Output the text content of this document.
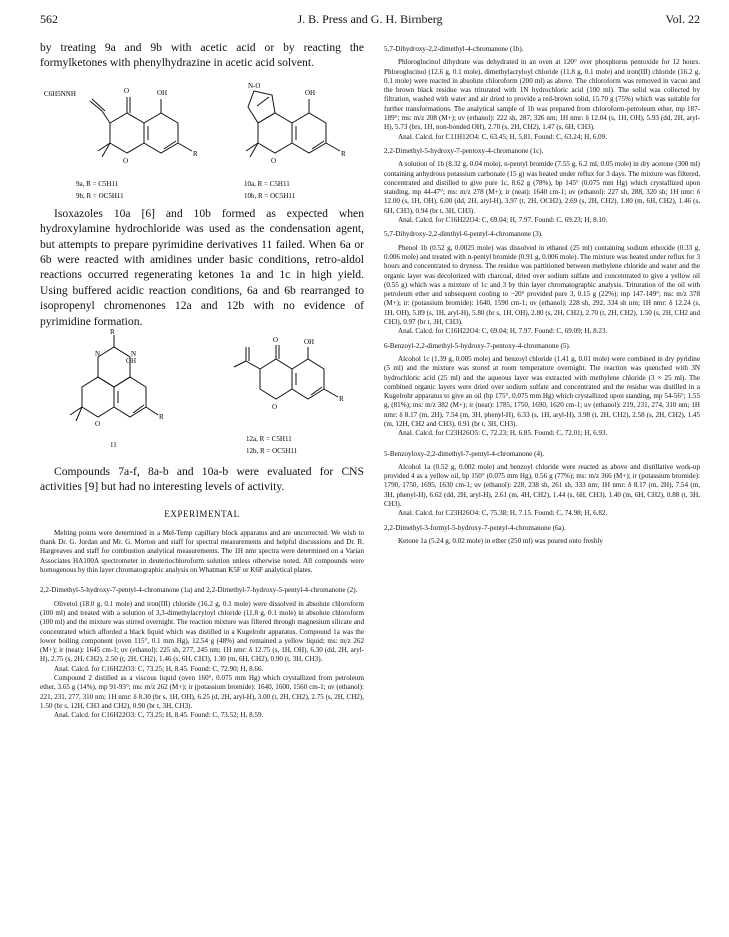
562	J. B. Press and G. H. Birnberg	Vol. 22

by treating 9a and 9b with acetic acid or by reacting the formylketones with phenylhydrazine in acetic acid solvent.

C6H5NNH	O	OH
O
R
N-O
OH
O
R
9a, R = C5H11
9b, R = OC5H11
10a, R = C5H11
10b, R = OC5H11

Isoxazoles 10a [6] and 10b formed as expected when hydroxylamine hydrochloride was used as the condensation agent, but attempts to prepare pyrimidine derivatives 11 failed. When 6a or 6b were reacted with amidines under basic conditions, retro-aldol reactions occurred regenerating ketones 1a and 1c in high yield. Using buffered acidic reaction conditions, 6a and 6b rearranged to isopropenyl chromenones 12a and 12b with no evidence of pyrimidine formation.

R
N	N
OH
O
R
11
O	OH
O
R
12a, R = C5H11
12b, R = OC5H11

Compounds 7a-f, 8a-b and 10a-b were evaluated for CNS activities [9] but had no interesting levels of activity.

EXPERIMENTAL

Melting points were determined in a Mel-Temp capillary block apparatus and are uncorrected. We wish to thank Dr. G. Jordan and Mr. G. Morton and staff for spectral measurements and helpful discussions and Dr. R. Hargreaves and staff for combustion analytical measurements. The 1H nmr spectra were determined on a Varian Associates HA100A spectrometer in deuteriochloroform solution unless otherwise noted. All compounds were homogenous by thin layer chromatographic analysis on Whatman K5F or K6F analytical plates.

2,2-Dimethyl-5-hydroxy-7-pentyl-4-chromanone (1a) and 2,2-Dimethyl-7-hydroxy-5-pentyl-4-chromanone (2).

Olivetol (18.0 g, 0.1 mole) and iron(III) chloride (16.2 g, 0.1 mole) were dissolved in absolute chloroform (100 ml) and treated with a solution of 3,3-dimethylacryloyl chloride (11.8 g, 0.1 mole) in absolute chloroform (100 ml) and the mixture was stirred overnight. The reaction mixture was filtered through magnesium silicate and concentrated which afforded a black liquid which was distilled in a Kugelrohr apparatus. Compound 1a was the lower boiling component (oven 115°, 0.1 mm Hg), 12.54 g (48%) and remained a yellow liquid; ms: m/z 262 (M+); ir (neat): 1645 cm-1; uv (ethanol): 225 sh, 277, 245 nm; 1H nmr: δ 12.75 (s, 1H, OH), 6.30 (dd, 2H, aryl-H), 2.75 (s, 2H, CH2), 2.50 (t, 2H, CH2), 1.46 (s, 6H, CH3), 1.30 (m, 6H, CH2), 0.90 (t, 3H, CH3).

Anal. Calcd. for C16H22O3: C, 73.25; H, 8.45. Found: C, 72.90; H, 8.66.

Compound 2 distilled as a viscous liquid (oven 160°, 0.075 mm Hg) which crystallized from petroleum ether, 3.65 g (14%), mp 91-93°; ms: m/z 262 (M+); ir (potassium bromide): 1640, 1600, 1560 cm-1; uv (ethanol): 221, 231, 277, 310 nm; 1H nmr: δ 8.30 (br s, 1H, OH), 6.25 (d, 2H, aryl-H), 3.00 (t, 2H, CH2), 2.75 (s, 2H, CH2), 1.50 (br s, 12H, CH3 and CH2), 0.90 (br t, 3H, CH3).

Anal. Calcd. for C16H22O3: C, 73.25; H, 8.45. Found: C, 73.52; H, 8.59.

5,7-Dihydroxy-2,2-dimethyl-4-chromanone (1b).

Phloroglucinol dihydrate was dehydrated in an oven at 120° over phosphorus pentoxide for 12 hours. Phloroglucinol (12.6 g, 0.1 mole), dimethylacryloyl chloride (11.8 g, 0.1 mole) and iron(III) chloride (16.2 g, 0.1 mole) were reacted in absolute chloroform (200 ml) as above. The chloroform was removed in vacuo and the brown black residue was triturated with 1N hydrochloric acid (100 ml). The solid was collected by filtration, washed with water and air dried to provide a red-brown solid, 15.70 g (75%) which was suitable for further transformations. The analytical sample of 1b was prepared from chloroform-petroleum ether, mp 187-189°; ms: m/z 208 (M+); uv (ethanol): 222 sh, 287, 326 nm; 1H nmr: δ 12.04 (s, 1H, OH), 5.93 (dd, 2H, aryl-H), 5.73 (brs, 1H, non-bonded OH), 2.70 (s, 2H, CH2), 1.47 (s, 6H, CH3).

Anal. Calcd. for C11H12O4: C, 63.45; H, 5.81. Found: C, 63.24; H, 6.09.

2,2-Dimethyl-5-hydroxy-7-pentoxy-4-chromanone (1c).

A solution of 1b (8.32 g, 0.04 mole), n-pentyl bromide (7.55 g, 6.2 ml, 0.05 mole) in dry acetone (300 ml) containing anhydrous potassium carbonate (15 g) was heated under reflux for 3 days. The mixture was filtered, concentrated and distilled to give pure 1c, 8.62 g (78%), bp 145° (0.075 mm Hg) which crystallized upon standing, mp 44-47°; ms: m/z 278 (M+); ir (neat): 1640 cm-1; uv (ethanol): 227 sh, 288, 320 sh; 1H nmr: δ 12.00 (s, 1H, OH), 6.00 (dd, 2H, aryl-H), 3.97 (t, 2H, OCH2), 2.69 (s, 2H, CH2), 1.80 (m, 6H, CH2), 1.46 (s, 6H, CH3), 0.94 (br t, 3H, CH3).

Anal. Calcd. for C16H22O4: C, 69.04; H, 7.97. Found: C, 69.23; H, 8.10.

5,7-Dihydroxy-2,2-dimthyl-6-pentyl-4-chromanone (3).

Phenol 1b (0.52 g, 0.0025 mole) was dissolved in ethanol (25 ml) containing sodium ethoxide (0.33 g, 0.006 mole) and treated with n-pentyl bromide (0.91 g, 0.006 mole). The mixture was heated under reflux for 3 hours and concentrated to dryness. The residue was partitioned between methylene chloride and water and the organic layer was decolorized with charcoal, dried over sodium sulfate and concentrated to give a yellow oil (0.55 g) which was a mixture of 1c and 3 by thin layer chromatographic analysis. Trituration of the oil with petroleum ether and subsequent cooling to −20° provided pure 3, 0.15 g (22%); mp 147-149°; ms: m/z 378 (M+); ir: (potassium bromide): 1640, 1590 cm-1; uv (ethanol): 228 sh, 292, 334 sh nm; 1H nmr: δ 12.24 (s, 1H, OH), 5.89 (s, 1H, aryl-H), 5.80 (br s, 1H, OH), 2.80 (s, 2H, CH2), 2.70 (t, 2H, CH2), 1.50 (s, 2H, CH2 and CH3), 0.97 (br t, 3H, CH3).

Anal. Calcd. for C16H22O4: C, 69.04; H, 7.97. Found: C, 69.09; H, 8.23.

6-Benzoyl-2,2-dimethyl-5-hydroxy-7-pentoxy-4-chromanone (5).

Alcohol 1c (1.39 g, 0.005 mole) and benzoyl chloride (1.41 g, 0.01 mole) were combined in dry pyridine (5 ml) and the mixture was stored at room temperature overnight. The reaction was quenched with 3N hydrochloric acid (25 ml) and the aqueous layer was extracted with methylene chloride (3 × 25 ml). The combined organic layers were dried over sodium sulfate and concentrated and the residue was distilled in a Kugelrohr apparatus to give an oil (bp 175°, 0.075 mm Hg) which crystallized upon standing, mp 54-56°; 1.55 g, (81%); ms: m/z 382 (M+); ir (neat): 1785, 1750, 1690, 1620 cm-1; uv (ethanol): 219, 231, 274, 310 nm; 1H nmr: δ 8.17 (m, 2H), 7.54 (m, 3H, phenyl-H), 6.33 (s, 1H, aryl-H), 3.98 (t, 2H, CH2), 2.58 (s, 2H, CH2), 1.45 (m, 12H, CH2 and CH3), 0.91 (br t, 3H, CH3).

Anal. Calcd. for C23H26O5: C, 72.23; H, 6.85. Found: C, 72.01; H, 6.93.

5-Benzoyloxy-2,2-dimethyl-7-pentyl-4-chromanone (4).

Alcohol 1a (0.52 g, 0.002 mole) and benzoyl chloride were reacted as above and distillative work-up provided 4 as a yellow oil, bp 150° (0.075 mm Hg), 0.56 g (77%); ms: m/z 366 (M+); ir (potassium bromide): 1790, 1750, 1695, 1630 cm-1; uv (ethanol): 228, 238 sh, 261 sh, 333 nm; 1H nmr: δ 8.17 (m, 2H), 7.54 (m, 3H, phenyl-H), 6.62 (dd, 2H, aryl-H), 2.61 (m, 4H, CH2), 1.44 (s, 6H, CH3), 1.40 (m, 6H, CH2), 0.88 (t, 3H, CH3).

Anal. Calcd. for C23H26O4: C, 75.38; H, 7.15. Found: C, 74.98; H, 6.82.

2,2-Dimethyl-3-formyl-5-hydroxy-7-pentyl-4-chromanone (6a).

Ketone 1a (5.24 g, 0.02 mole) in ether (250 ml) was poured onto freshly
